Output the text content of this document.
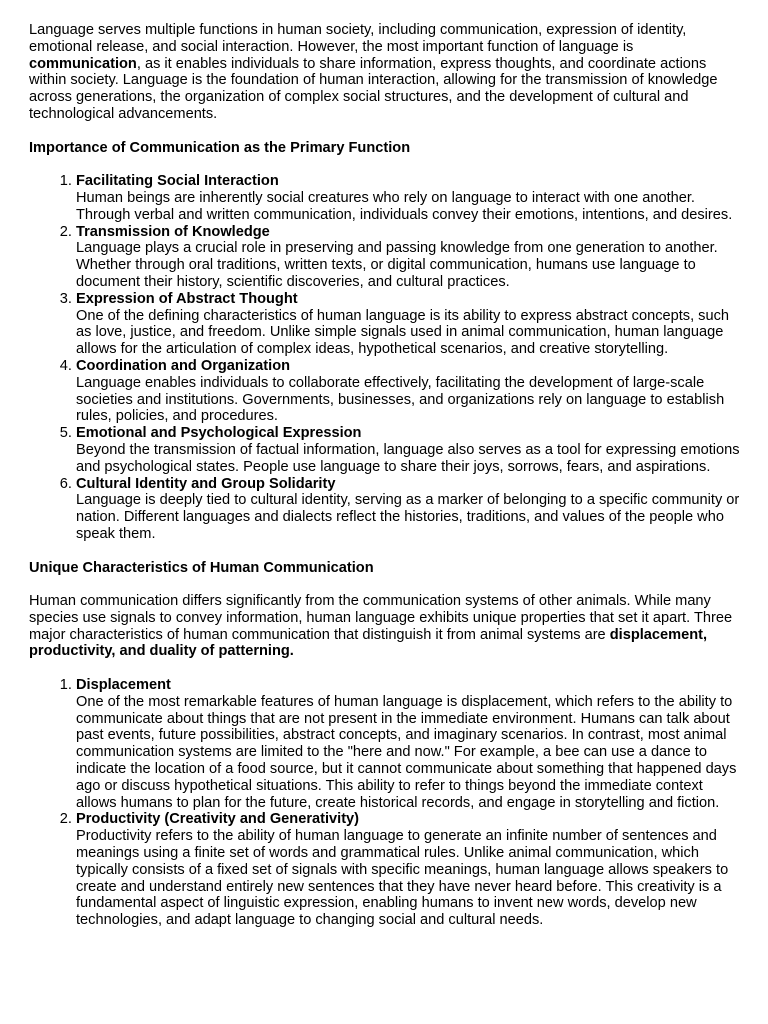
Language serves multiple functions in human society, including communication, expression of identity, emotional release, and social interaction. However, the most important function of language is communication, as it enables individuals to share information, express thoughts, and coordinate actions within society. Language is the foundation of human interaction, allowing for the transmission of knowledge across generations, the organization of complex social structures, and the development of cultural and technological advancements.

Importance of Communication as the Primary Function
1. Facilitating Social Interaction
Human beings are inherently social creatures who rely on language to interact with one another. Through verbal and written communication, individuals convey their emotions, intentions, and desires.
2. Transmission of Knowledge
Language plays a crucial role in preserving and passing knowledge from one generation to another. Whether through oral traditions, written texts, or digital communication, humans use language to document their history, scientific discoveries, and cultural practices.
3. Expression of Abstract Thought
One of the defining characteristics of human language is its ability to express abstract concepts, such as love, justice, and freedom. Unlike simple signals used in animal communication, human language allows for the articulation of complex ideas, hypothetical scenarios, and creative storytelling.
4. Coordination and Organization
Language enables individuals to collaborate effectively, facilitating the development of large-scale societies and institutions. Governments, businesses, and organizations rely on language to establish rules, policies, and procedures.
5. Emotional and Psychological Expression
Beyond the transmission of factual information, language also serves as a tool for expressing emotions and psychological states. People use language to share their joys, sorrows, fears, and aspirations.
6. Cultural Identity and Group Solidarity
Language is deeply tied to cultural identity, serving as a marker of belonging to a specific community or nation. Different languages and dialects reflect the histories, traditions, and values of the people who speak them.
Unique Characteristics of Human Communication

Human communication differs significantly from the communication systems of other animals. While many species use signals to convey information, human language exhibits unique properties that set it apart. Three major characteristics of human communication that distinguish it from animal systems are displacement, productivity, and duality of patterning.

1. Displacement
One of the most remarkable features of human language is displacement, which refers to the ability to communicate about things that are not present in the immediate environment. Humans can talk about past events, future possibilities, abstract concepts, and imaginary scenarios. In contrast, most animal communication systems are limited to the "here and now." For example, a bee can use a dance to indicate the location of a food source, but it cannot communicate about something that happened days ago or discuss hypothetical situations. This ability to refer to things beyond the immediate context allows humans to plan for the future, create historical records, and engage in storytelling and fiction.
2. Productivity (Creativity and Generativity)
Productivity refers to the ability of human language to generate an infinite number of sentences and meanings using a finite set of words and grammatical rules. Unlike animal communication, which typically consists of a fixed set of signals with specific meanings, human language allows speakers to create and understand entirely new sentences that they have never heard before. This creativity is a fundamental aspect of linguistic expression, enabling humans to invent new words, develop new technologies, and adapt language to changing social and cultural needs.
